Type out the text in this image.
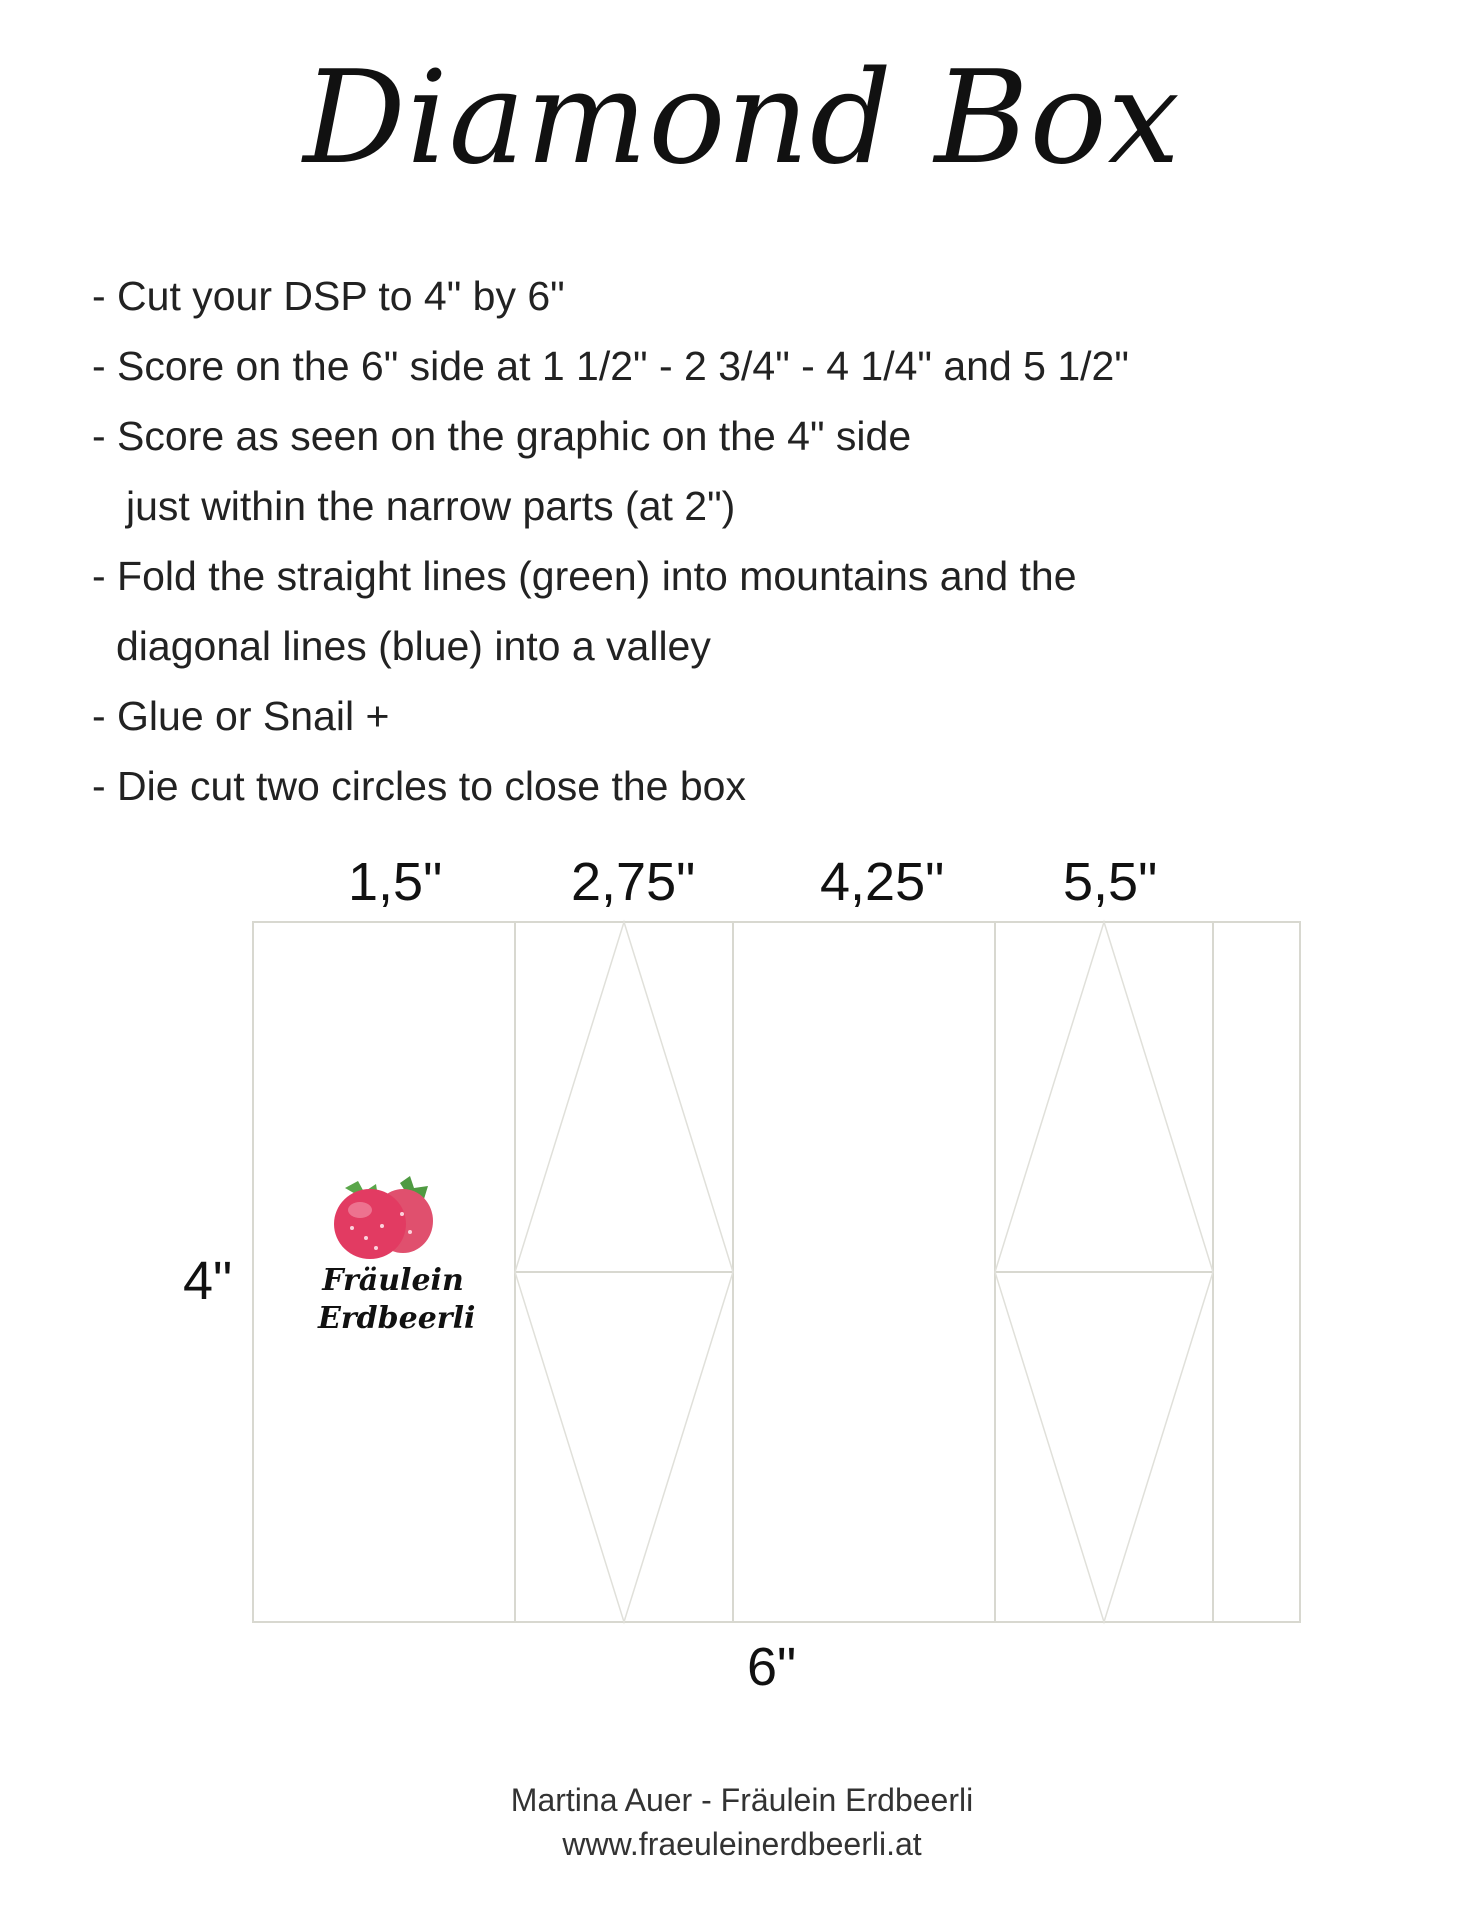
Diamond Box
- Cut your DSP to 4" by 6"
- Score on the 6" side at 1 1/2" - 2 3/4" - 4 1/4" and 5 1/2"
- Score as seen on the graphic on the 4" side
just within the narrow parts (at 2")
- Fold the straight lines (green) into mountains and the
diagonal lines (blue) into a valley
- Glue or Snail +
- Die cut two circles to close the box
1,5" 2,75" 4,25" 5,5"
4"
6"
Fräulein
Erdbeerli
Martina Auer - Fräulein Erdbeerli
www.fraeuleinerdbeerli.at
